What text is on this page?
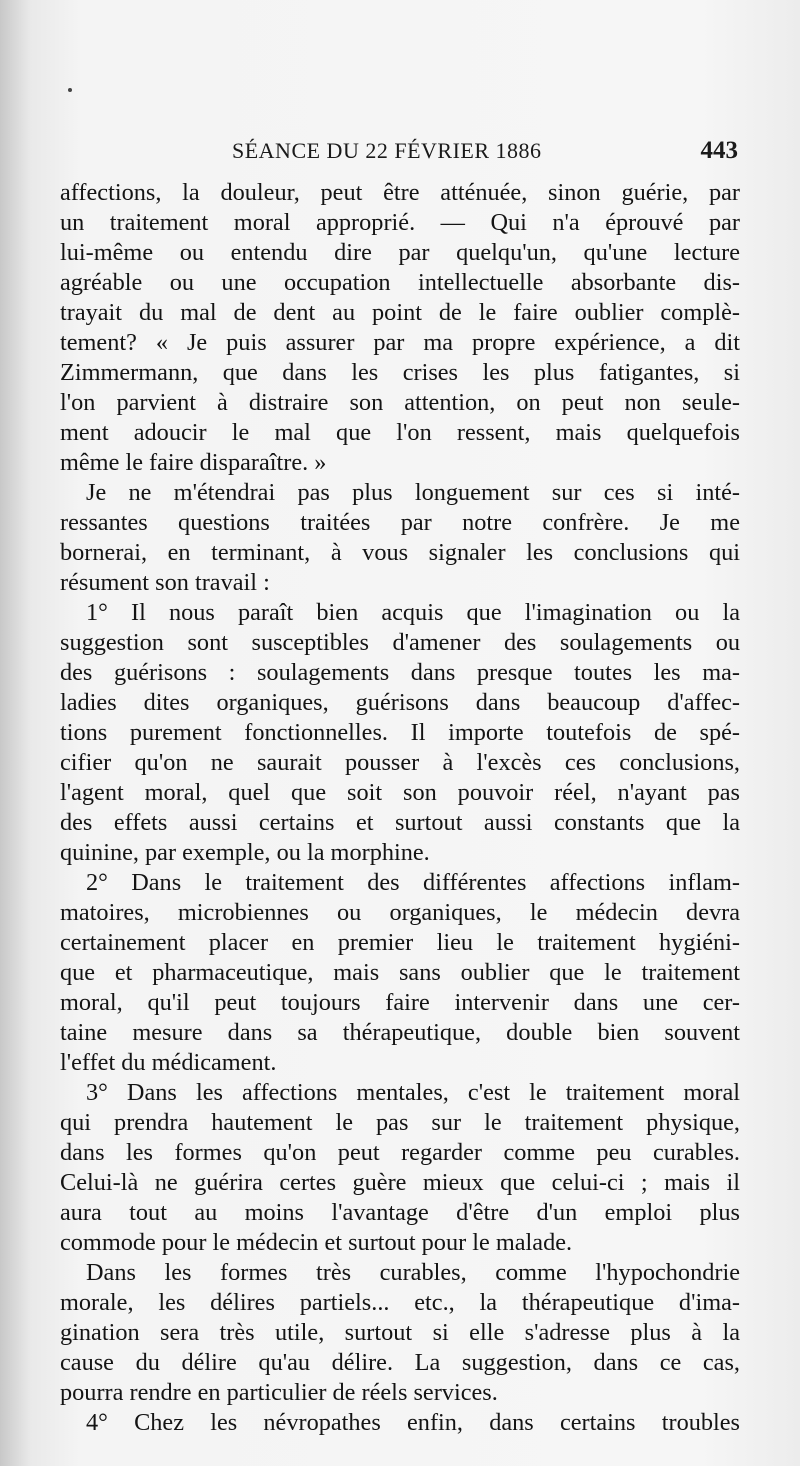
SÉANCE DU 22 FÉVRIER 1886	443
affections, la douleur, peut être atténuée, sinon guérie, par
un traitement moral approprié. — Qui n'a éprouvé par
lui-même ou entendu dire par quelqu'un, qu'une lecture
agréable ou une occupation intellectuelle absorbante dis-
trayait du mal de dent au point de le faire oublier complè-
tement? « Je puis assurer par ma propre expérience, a dit
Zimmermann, que dans les crises les plus fatigantes, si
l'on parvient à distraire son attention, on peut non seule-
ment adoucir le mal que l'on ressent, mais quelquefois
même le faire disparaître. »
Je ne m'étendrai pas plus longuement sur ces si inté-
ressantes questions traitées par notre confrère. Je me
bornerai, en terminant, à vous signaler les conclusions qui
résument son travail :
1° Il nous paraît bien acquis que l'imagination ou la
suggestion sont susceptibles d'amener des soulagements ou
des guérisons : soulagements dans presque toutes les ma-
ladies dites organiques, guérisons dans beaucoup d'affec-
tions purement fonctionnelles. Il importe toutefois de spé-
cifier qu'on ne saurait pousser à l'excès ces conclusions,
l'agent moral, quel que soit son pouvoir réel, n'ayant pas
des effets aussi certains et surtout aussi constants que la
quinine, par exemple, ou la morphine.
2° Dans le traitement des différentes affections inflam-
matoires, microbiennes ou organiques, le médecin devra
certainement placer en premier lieu le traitement hygiéni-
que et pharmaceutique, mais sans oublier que le traitement
moral, qu'il peut toujours faire intervenir dans une cer-
taine mesure dans sa thérapeutique, double bien souvent
l'effet du médicament.
3° Dans les affections mentales, c'est le traitement moral
qui prendra hautement le pas sur le traitement physique,
dans les formes qu'on peut regarder comme peu curables.
Celui-là ne guérira certes guère mieux que celui-ci ; mais il
aura tout au moins l'avantage d'être d'un emploi plus
commode pour le médecin et surtout pour le malade.
Dans les formes très curables, comme l'hypochondrie
morale, les délires partiels... etc., la thérapeutique d'ima-
gination sera très utile, surtout si elle s'adresse plus à la
cause du délire qu'au délire. La suggestion, dans ce cas,
pourra rendre en particulier de réels services.
4° Chez les névropathes enfin, dans certains troubles
